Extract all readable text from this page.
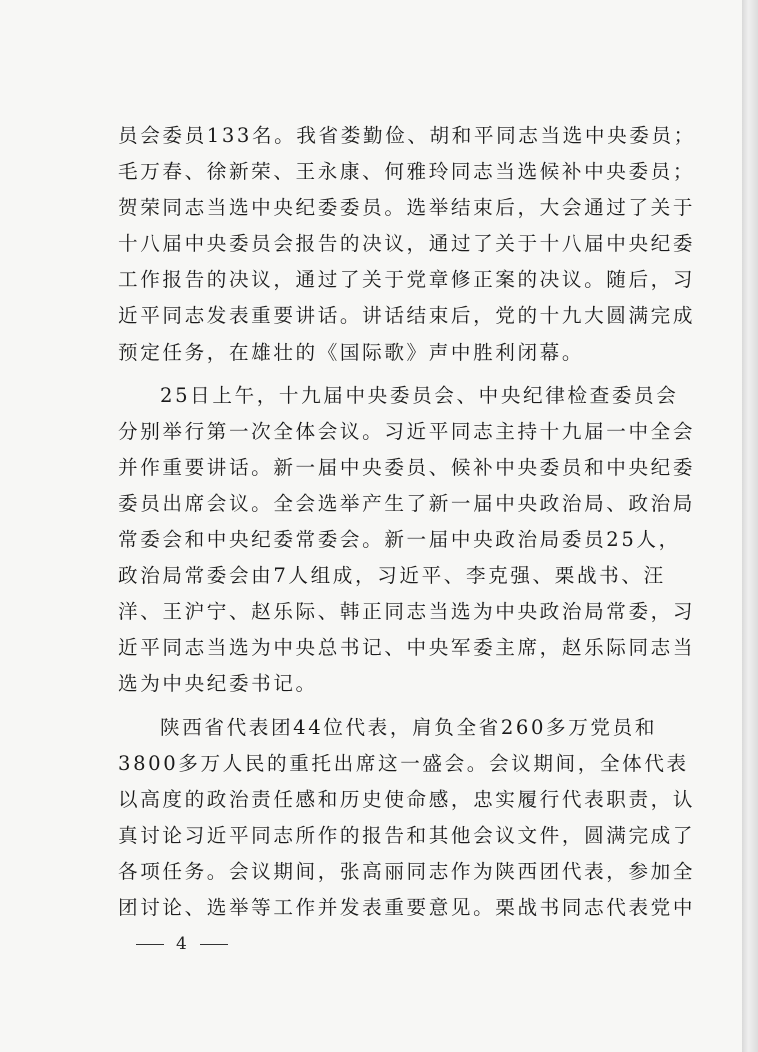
员会委员133名。我省娄勤俭、胡和平同志当选中央委员；
毛万春、徐新荣、王永康、何雅玲同志当选候补中央委员；
贺荣同志当选中央纪委委员。选举结束后，大会通过了关于
十八届中央委员会报告的决议，通过了关于十八届中央纪委
工作报告的决议，通过了关于党章修正案的决议。随后，习
近平同志发表重要讲话。讲话结束后，党的十九大圆满完成
预定任务，在雄壮的《国际歌》声中胜利闭幕。
25日上午，十九届中央委员会、中央纪律检查委员会
分别举行第一次全体会议。习近平同志主持十九届一中全会
并作重要讲话。新一届中央委员、候补中央委员和中央纪委
委员出席会议。全会选举产生了新一届中央政治局、政治局
常委会和中央纪委常委会。新一届中央政治局委员25人，
政治局常委会由7人组成，习近平、李克强、栗战书、汪
洋、王沪宁、赵乐际、韩正同志当选为中央政治局常委，习
近平同志当选为中央总书记、中央军委主席，赵乐际同志当
选为中央纪委书记。
陕西省代表团44位代表，肩负全省260多万党员和
3800多万人民的重托出席这一盛会。会议期间，全体代表
以高度的政治责任感和历史使命感，忠实履行代表职责，认
真讨论习近平同志所作的报告和其他会议文件，圆满完成了
各项任务。会议期间，张高丽同志作为陕西团代表，参加全
团讨论、选举等工作并发表重要意见。栗战书同志代表党中
4
